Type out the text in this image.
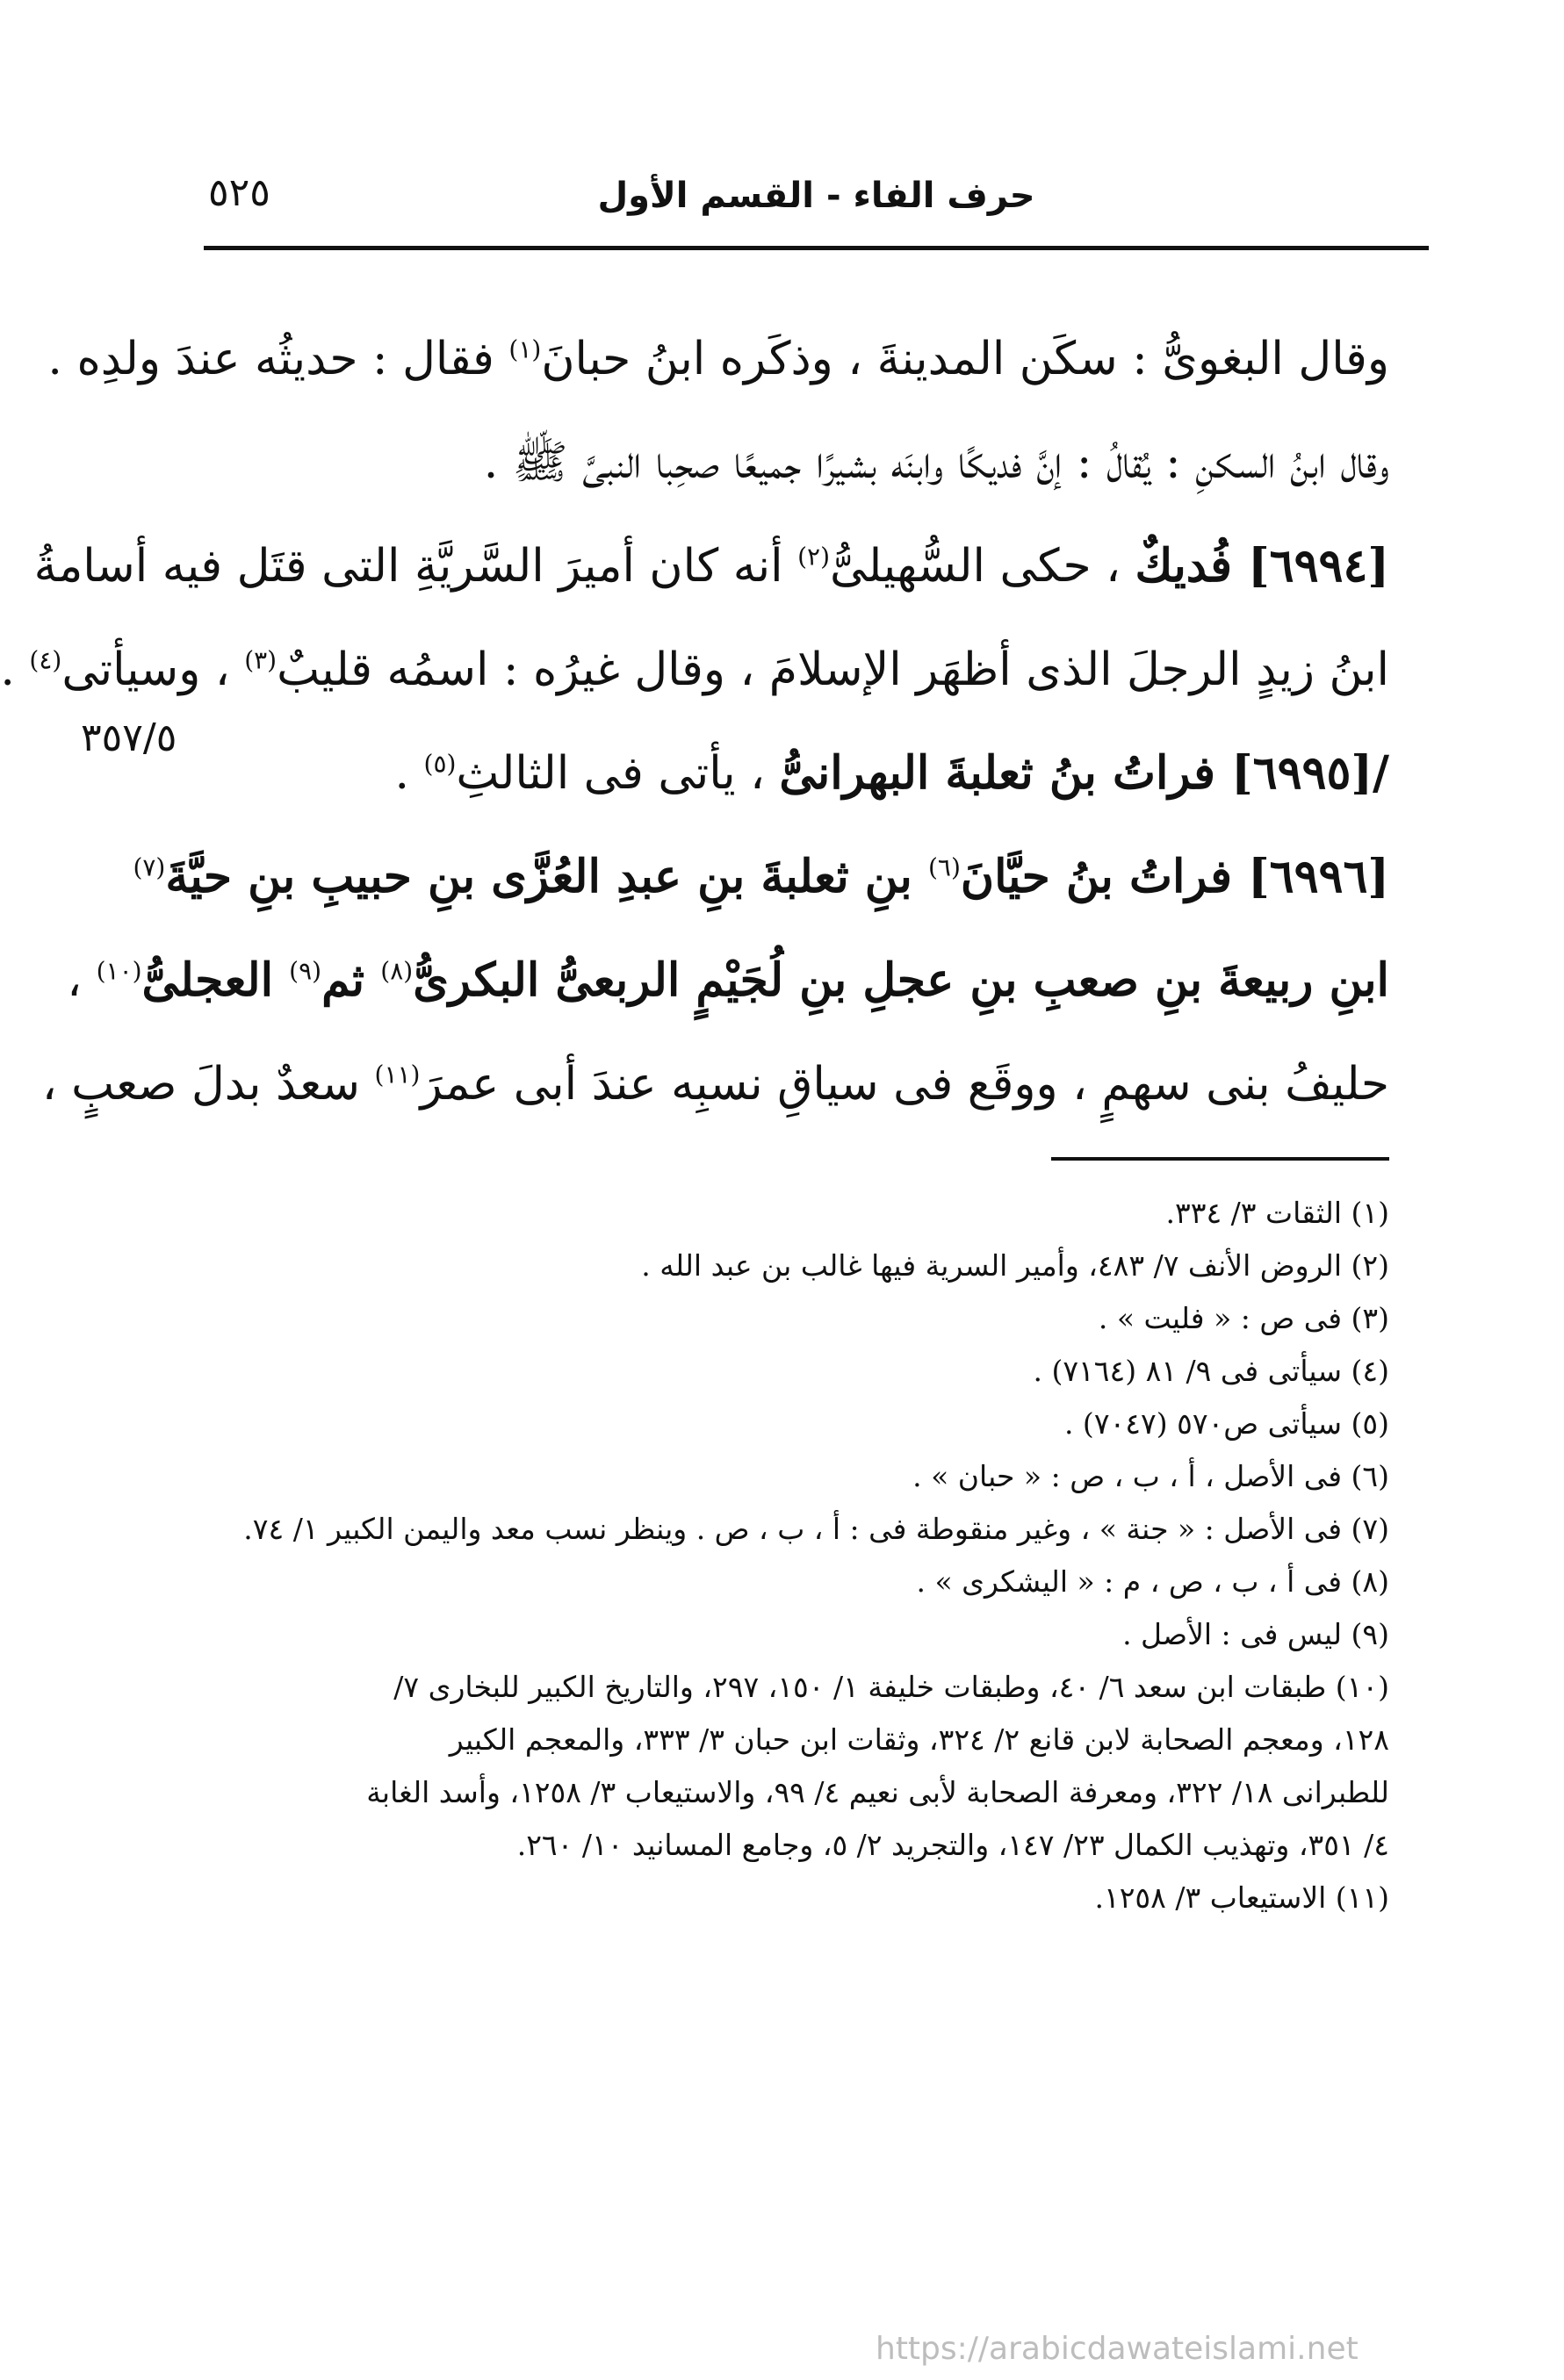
حرف الفاء - القسم الأول
٥٢٥
٣٥٧/٥
وقال البغوىُّ : سكَن المدينةَ ، وذكَره ابنُ حبانَ$^{(١)}$ فقال : حديثُه عندَ ولدِه .
وقال ابنُ السكنِ : يُقالُ : إنَّ فديكًا وابنَه بشيرًا جميعًا صحِبا النبىَّ ﷺ .
[٦٩٩٤] فُديكٌ ، حكى السُّهيلىُّ$^{(٢)}$ أنه كان أميرَ السَّريَّةِ التى قتَل فيه أسامةُ
ابنُ زيدٍ الرجلَ الذى أظهَر الإسلامَ ، وقال غيرُه : اسمُه قليبٌ$^{(٣)}$ ، وسيأتى$^{(٤)}$ .
/[٦٩٩٥] فراتُ بنُ ثعلبةَ البهرانىُّ ، يأتى فى الثالثِ$^{(٥)}$ .
[٦٩٩٦] فراتُ بنُ حيَّانَ$^{(٦)}$ بنِ ثعلبةَ بنِ عبدِ العُزَّى بنِ حبيبِ بنِ حيَّةَ$^{(٧)}$
ابنِ ربيعةَ بنِ صعبِ بنِ عجلِ بنِ لُجَيْمٍ الربعىُّ البكرىُّ$^{(٨)}$ ثم$^{(٩)}$ العجلىُّ$^{(١٠)}$ ،
حليفُ بنى سهمٍ ، ووقَع فى سياقِ نسبِه عندَ أبى عمرَ$^{(١١)}$ سعدٌ بدلَ صعبٍ ،
(١) الثقات ٣/ ٣٣٤.
(٢) الروض الأنف ٧/ ٤٨٣، وأمير السرية فيها غالب بن عبد الله .
(٣) فى ص : « فليت » .
(٤) سيأتى فى ٩/ ٨١ (٧١٦٤) .
(٥) سيأتى ص٥٧٠ (٧٠٤٧) .
(٦) فى الأصل ، أ ، ب ، ص : « حبان » .
(٧) فى الأصل : « جنة » ، وغير منقوطة فى : أ ، ب ، ص . وينظر نسب معد واليمن الكبير ١/ ٧٤.
(٨) فى أ ، ب ، ص ، م : « اليشكرى » .
(٩) ليس فى : الأصل .
(١٠) طبقات ابن سعد ٦/ ٤٠، وطبقات خليفة ١/ ١٥٠، ٢٩٧، والتاريخ الكبير للبخارى ٧/
١٢٨، ومعجم الصحابة لابن قانع ٢/ ٣٢٤، وثقات ابن حبان ٣/ ٣٣٣، والمعجم الكبير
للطبرانى ١٨/ ٣٢٢، ومعرفة الصحابة لأبى نعيم ٤/ ٩٩، والاستيعاب ٣/ ١٢٥٨، وأسد الغابة
٤/ ٣٥١، وتهذيب الكمال ٢٣/ ١٤٧، والتجريد ٢/ ٥، وجامع المسانيد ١٠/ ٢٦٠.
(١١) الاستيعاب ٣/ ١٢٥٨.
https://arabicdawateislami.net
